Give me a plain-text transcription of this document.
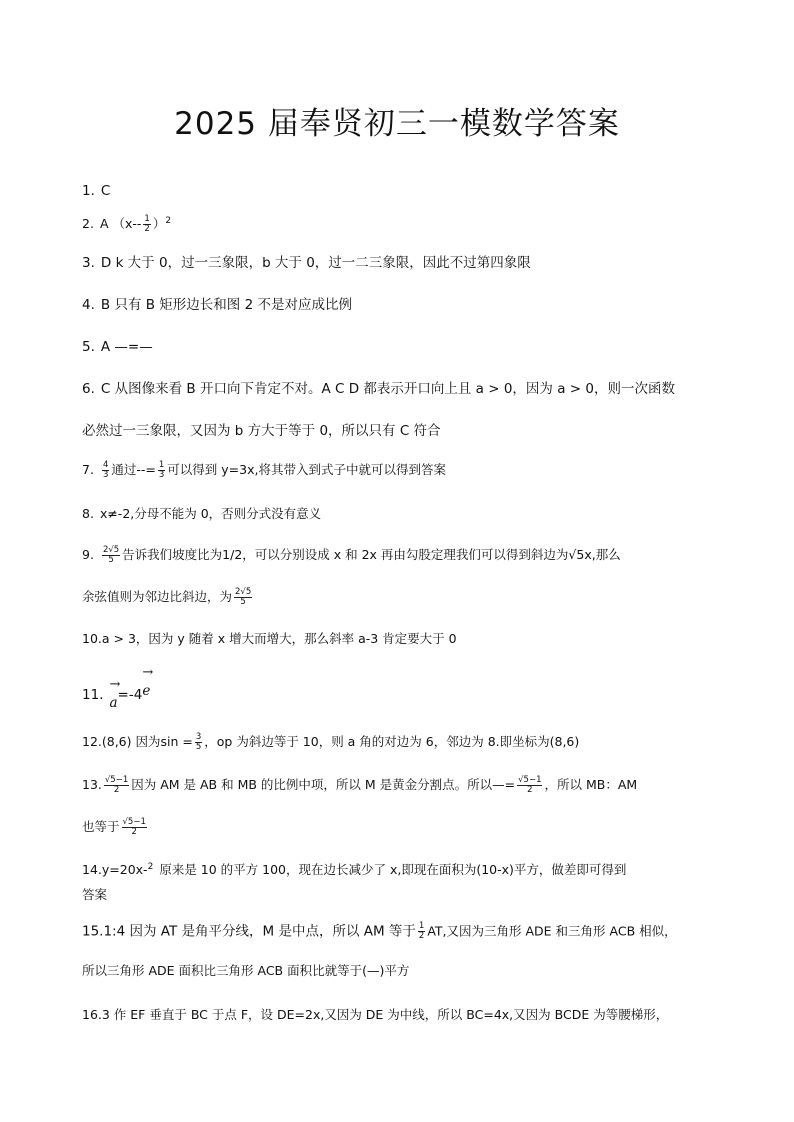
2025 届奉贤初三一模数学答案
1. C
2. A $(x-- \frac{1}{2} )^2$
3. D k 大于 0，过一三象限，b 大于 0，过一二三象限，因此不过第四象限
4. B 只有 B 矩形边长和图 2 不是对应成比例
5. A —=—
6. C 从图像来看 B 开口向下肯定不对。A C D 都表示开口向上且 a > 0，因为 a > 0，则一次函数
必然过一三象限，又因为 b 方大于等于 0，所以只有 C 符合
7. $\frac{4}{3}$ 通过--= $\frac{1}{3}$ 可以得到 y=3x,将其带入到式子中就可以得到答案
8. x≠-2,分母不能为 0，否则分式没有意义
9. $\frac{2√5}{5}$ 告诉我们坡度比为1/2，可以分别设成 x 和 2x 再由勾股定理我们可以得到斜边为√5x,那么
余弦值则为邻边比斜边，为 $\frac{2√5}{5}$
10.a > 3，因为 y 随着 x 增大而增大，那么斜率 a-3 肯定要大于 0
11.
→
a=-4
→
e
12.(8,6) 因为$\sin = \frac{3}{5}$ ，op 为斜边等于 10，则 a 角的对边为 6，邻边为 8.即坐标为(8,6)
13. $\frac{√5-1}{2}$ 因为 AM 是 AB 和 MB 的比例中项，所以 M 是黄金分割点。所以—= $\frac{√5-1}{2}$ ，所以 MB：AM
也等于 $\frac{√5-1}{2}$
14.y=20x-$^2$ 原来是 10 的平方 100，现在边长减少了 x,即现在面积为(10-x)平方，做差即可得到
答案
15.1:4 因为 AT 是角平分线，M 是中点，所以 AM 等于 $\frac{1}{2}$ AT,又因为三角形 ADE 和三角形 ACB 相似，
所以三角形 ADE 面积比三角形 ACB 面积比就等于(—)平方
16.3 作 EF 垂直于 BC 于点 F，设 DE=2x,又因为 DE 为中线，所以 BC=4x,又因为 BCDE 为等腰梯形，
